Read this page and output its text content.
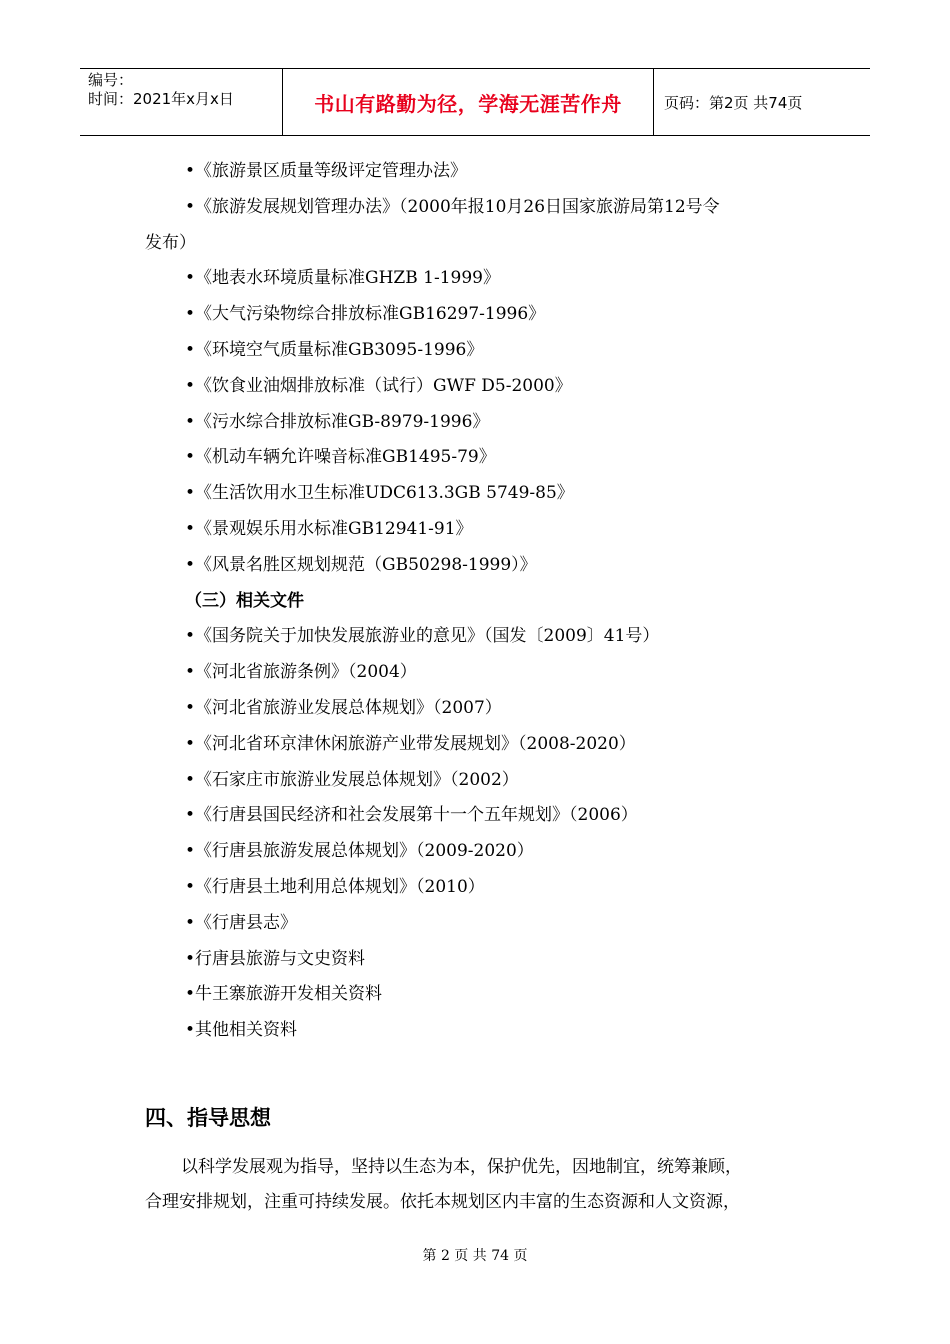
编号：
时间：2021年x月x日	书山有路勤为径，学海无涯苦作舟	页码：第2页 共74页
•《旅游景区质量等级评定管理办法》
•《旅游发展规划管理办法》（2000年报10月26日国家旅游局第12号令
发布）
•《地表水环境质量标准GHZB 1-1999》
•《大气污染物综合排放标准GB16297-1996》
•《环境空气质量标准GB3095-1996》
•《饮食业油烟排放标准（试行）GWF D5-2000》
•《污水综合排放标准GB-8979-1996》
•《机动车辆允许噪音标准GB1495-79》
•《生活饮用水卫生标准UDC613.3GB 5749-85》
•《景观娱乐用水标准GB12941-91》
•《风景名胜区规划规范（GB50298-1999）》
（三）相关文件
•《国务院关于加快发展旅游业的意见》（国发〔2009〕41号）
•《河北省旅游条例》（2004）
•《河北省旅游业发展总体规划》（2007）
•《河北省环京津休闲旅游产业带发展规划》（2008-2020）
•《石家庄市旅游业发展总体规划》（2002）
•《行唐县国民经济和社会发展第十一个五年规划》（2006）
•《行唐县旅游发展总体规划》（2009-2020）
•《行唐县土地利用总体规划》（2010）
•《行唐县志》
•行唐县旅游与文史资料
•牛王寨旅游开发相关资料
•其他相关资料
四、指导思想
以科学发展观为指导，坚持以生态为本，保护优先，因地制宜，统筹兼顾，
合理安排规划，注重可持续发展。依托本规划区内丰富的生态资源和人文资源，
第 2 页 共 74 页
